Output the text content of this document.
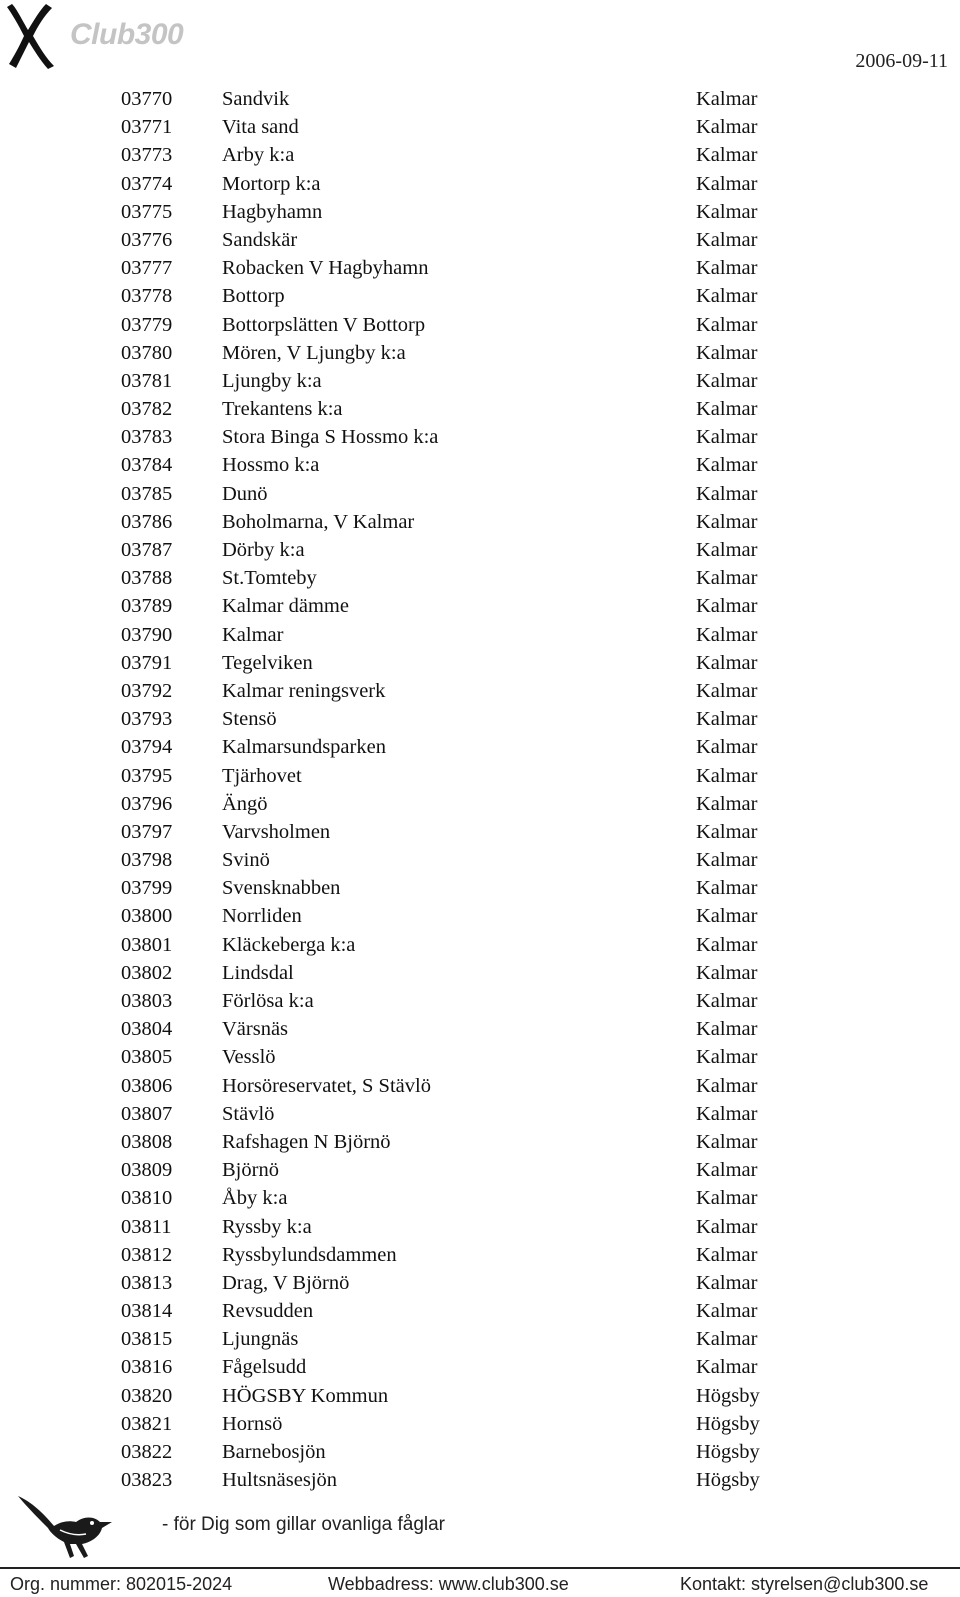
Club300
2006-09-11
03770 Sandvik	Kalmar
03771 Vita sand	Kalmar
03773 Arby k:a	Kalmar
03774 Mortorp k:a	Kalmar
03775 Hagbyhamn	Kalmar
03776 Sandskär	Kalmar
03777 Robacken V Hagbyhamn	Kalmar
03778 Bottorp	Kalmar
03779 Bottorpslätten V Bottorp	Kalmar
03780 Mören, V Ljungby k:a	Kalmar
03781 Ljungby k:a	Kalmar
03782 Trekantens k:a	Kalmar
03783 Stora Binga S Hossmo k:a	Kalmar
03784 Hossmo k:a	Kalmar
03785 Dunö	Kalmar
03786 Boholmarna, V Kalmar	Kalmar
03787 Dörby k:a	Kalmar
03788 St.Tomteby	Kalmar
03789 Kalmar dämme	Kalmar
03790 Kalmar	Kalmar
03791 Tegelviken	Kalmar
03792 Kalmar reningsverk	Kalmar
03793 Stensö	Kalmar
03794 Kalmarsundsparken	Kalmar
03795 Tjärhovet	Kalmar
03796 Ängö	Kalmar
03797 Varvsholmen	Kalmar
03798 Svinö	Kalmar
03799 Svensknabben	Kalmar
03800 Norrliden	Kalmar
03801 Kläckeberga k:a	Kalmar
03802 Lindsdal	Kalmar
03803 Förlösa k:a	Kalmar
03804 Värsnäs	Kalmar
03805 Vesslö	Kalmar
03806 Horsöreservatet, S Stävlö	Kalmar
03807 Stävlö	Kalmar
03808 Rafshagen N Björnö	Kalmar
03809 Björnö	Kalmar
03810 Åby k:a	Kalmar
03811 Ryssby k:a	Kalmar
03812 Ryssbylundsdammen	Kalmar
03813 Drag, V Björnö	Kalmar
03814 Revsudden	Kalmar
03815 Ljungnäs	Kalmar
03816 Fågelsudd	Kalmar
03820 HÖGSBY Kommun	Högsby
03821 Hornsö	Högsby
03822 Barnebosjön	Högsby
03823 Hultsnäsesjön	Högsby
- för Dig som gillar ovanliga fåglar
Org. nummer: 802015-2024	Webbadress: www.club300.se	Kontakt: styrelsen@club300.se
